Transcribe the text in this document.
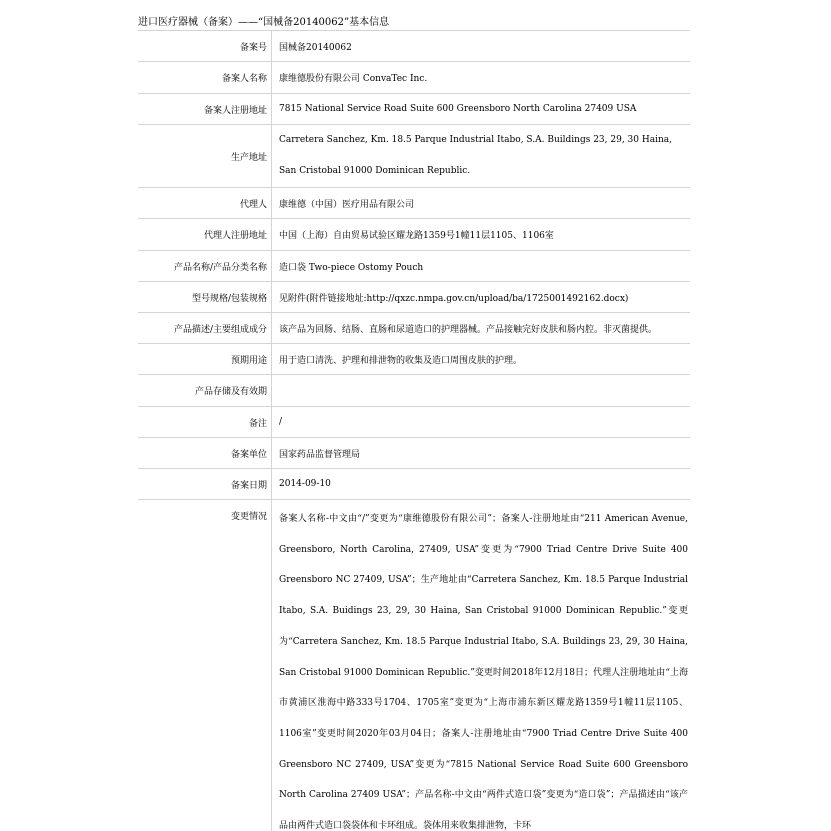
进口医疗器械（备案）——“国械备20140062”基本信息
备案号	国械备20140062
备案人名称	康维德股份有限公司 ConvaTec Inc.
备案人注册地址	7815 National Service Road Suite 600 Greensboro North Carolina 27409 USA
生产地址	Carretera Sanchez, Km. 18.5 Parque Industrial Itabo, S.A. Buildings 23, 29, 30 Haina, San Cristobal 91000 Dominican Republic.
代理人	康维德（中国）医疗用品有限公司
代理人注册地址	中国（上海）自由贸易试验区耀龙路1359号1幢11层1105、1106室
产品名称/产品分类名称	造口袋 Two-piece Ostomy Pouch
型号规格/包装规格	见附件(附件链接地址:http://qxzc.nmpa.gov.cn/upload/ba/1725001492162.docx)
产品描述/主要组成成分	该产品为回肠、结肠、直肠和尿道造口的护理器械。产品接触完好皮肤和肠内腔。非灭菌提供。
预期用途	用于造口清洗、护理和排泄物的收集及造口周围皮肤的护理。
产品存储及有效期	
备注	/
备案单位	国家药品监督管理局
备案日期	2014-09-10
变更情况	备案人名称-中文由“/”变更为“康维德股份有限公司”；备案人-注册地址由“211 American Avenue, Greensboro, North Carolina, 27409, USA”变更为“7900 Triad Centre Drive Suite 400 Greensboro NC 27409, USA”；生产地址由“Carretera Sanchez, Km. 18.5 Parque Industrial Itabo, S.A. Buidings 23, 29, 30 Haina, San Cristobal 91000 Dominican Republic.”变更为“Carretera Sanchez, Km. 18.5 Parque Industrial Itabo, S.A. Buildings 23, 29, 30 Haina, San Cristobal 91000 Dominican Republic.”变更时间2018年12月18日；代理人注册地址由“上海市黄浦区淮海中路333号1704、1705室”变更为“上海市浦东新区耀龙路1359号1幢11层1105、1106室”变更时间2020年03月04日；备案人-注册地址由“7900 Triad Centre Drive Suite 400 Greensboro NC 27409, USA”变更为“7815 National Service Road Suite 600 Greensboro North Carolina 27409 USA”；产品名称-中文由“两件式造口袋”变更为“造口袋”；产品描述由“该产品由两件式造口袋袋体和卡环组成。袋体用来收集排泄物，卡环
